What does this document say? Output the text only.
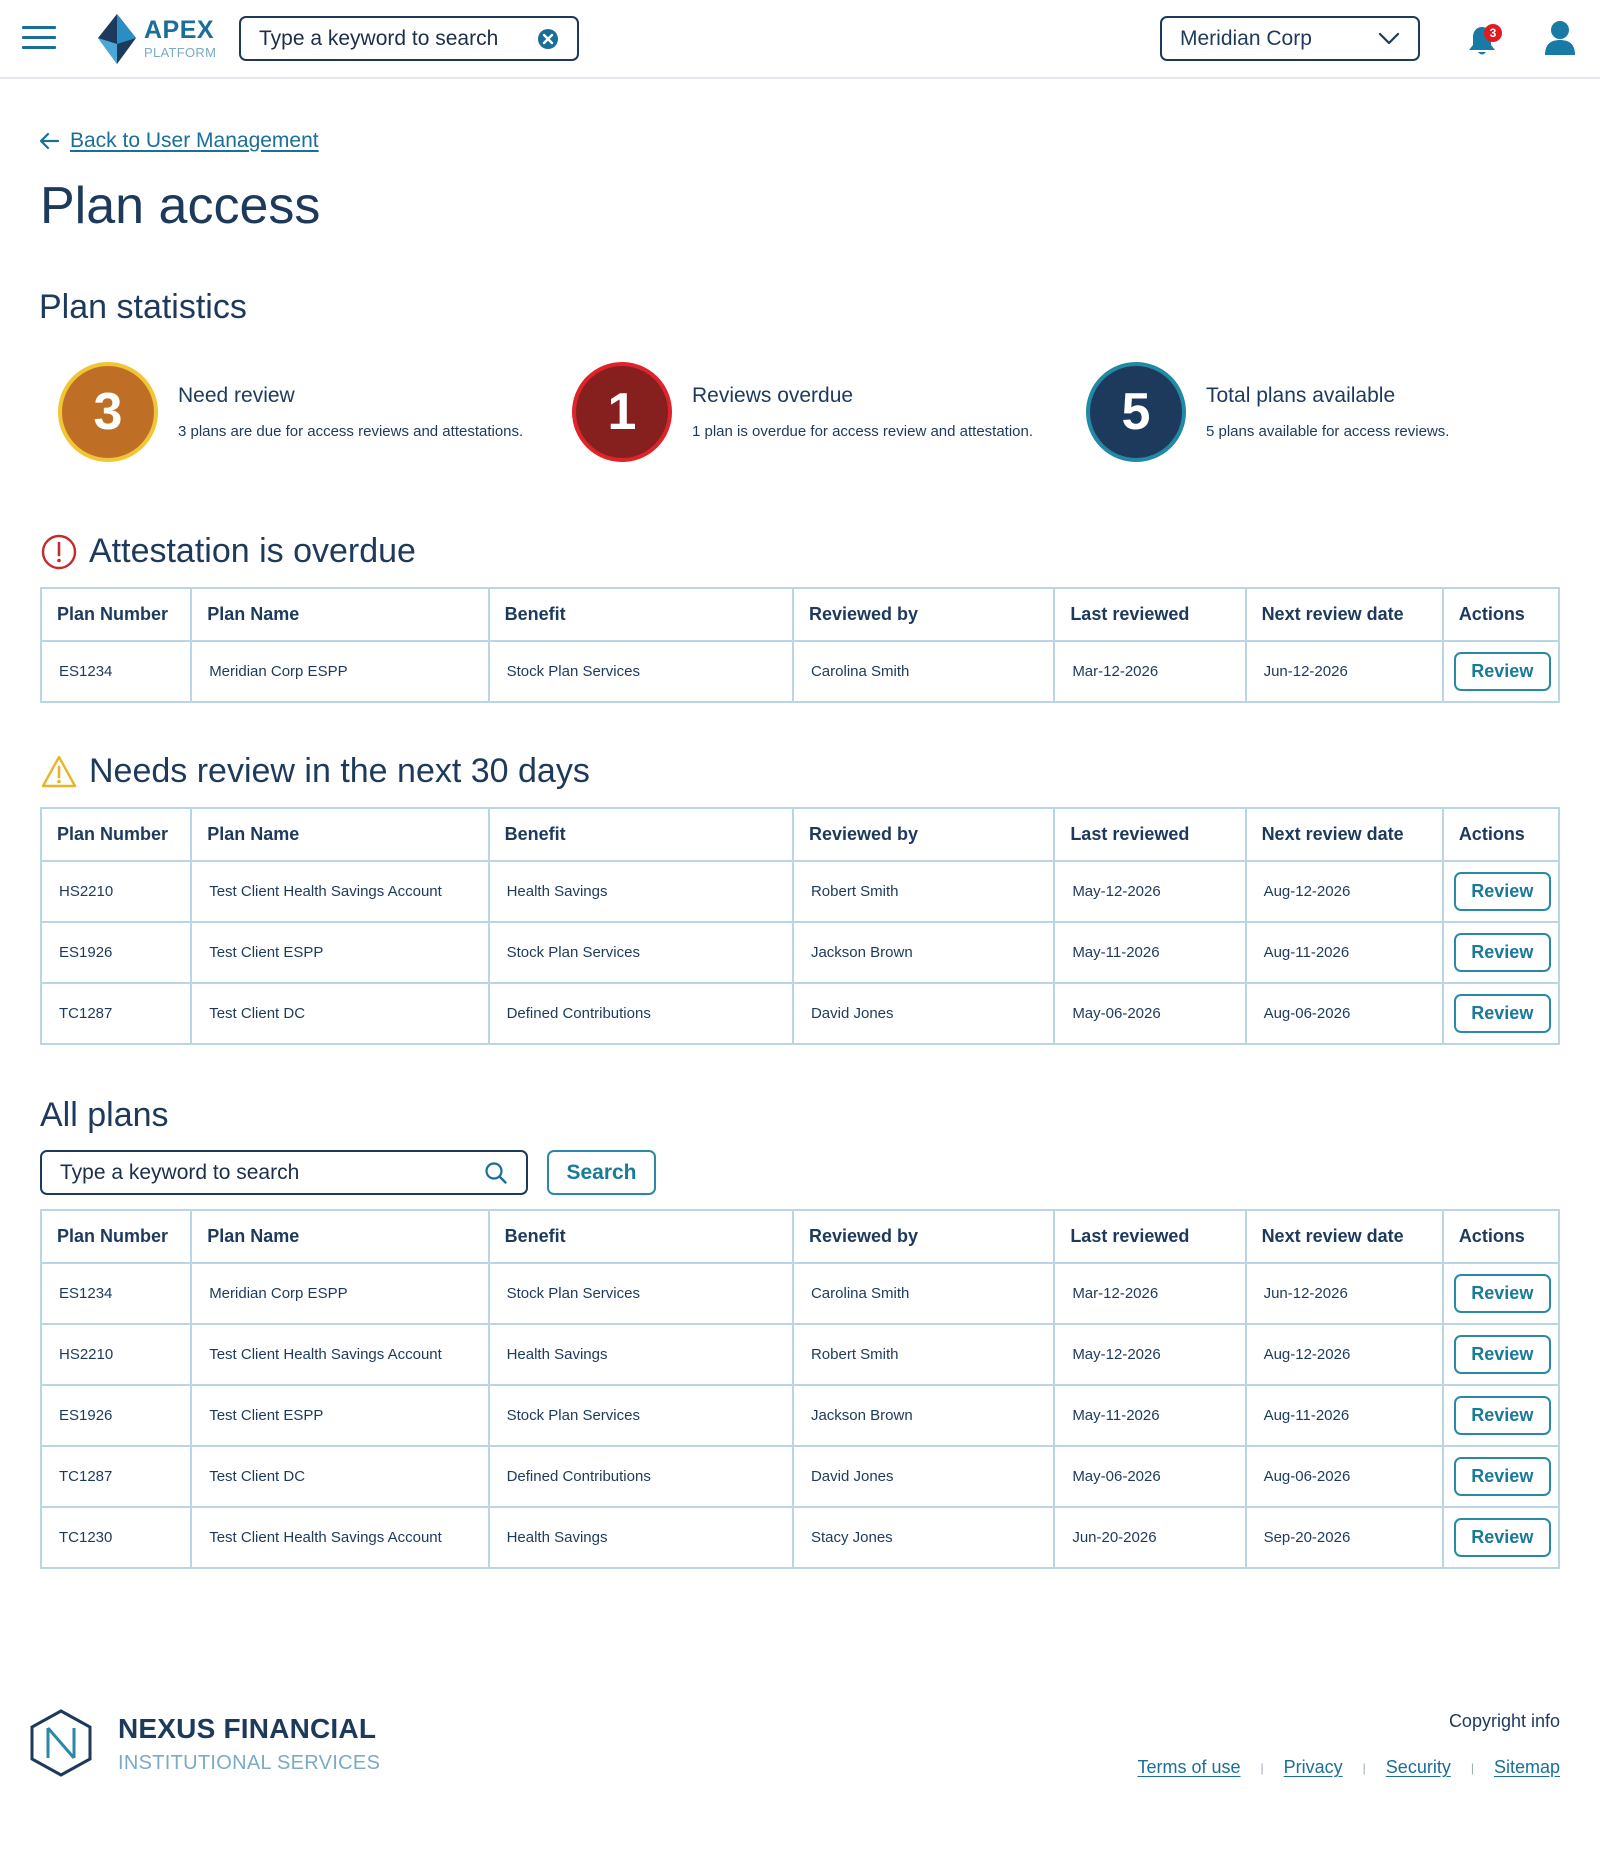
APEX
PLATFORM
Type a keyword to search
Meridian Corp	3
Back to User Management
Plan access
Plan statistics
3	Need review
3 plans are due for access reviews and attestations.	1	Reviews overdue
1 plan is overdue for access review and attestation.	5	Total plans available
5 plans available for access reviews.
Attestation is overdue
Plan Number	Plan Name	Benefit	Reviewed by	Last reviewed	Next review date	Actions
ES1234	Meridian Corp ESPP	Stock Plan Services	Carolina Smith	Mar-12-2026	Jun-12-2026	Review
Needs review in the next 30 days
Plan Number	Plan Name	Benefit	Reviewed by	Last reviewed	Next review date	Actions
HS2210	Test Client Health Savings Account	Health Savings	Robert Smith	May-12-2026	Aug-12-2026	Review
ES1926	Test Client ESPP	Stock Plan Services	Jackson Brown	May-11-2026	Aug-11-2026	Review
TC1287	Test Client DC	Defined Contributions	David Jones	May-06-2026	Aug-06-2026	Review
All plans
Type a keyword to search
Search
Plan Number	Plan Name	Benefit	Reviewed by	Last reviewed	Next review date	Actions
ES1234	Meridian Corp ESPP	Stock Plan Services	Carolina Smith	Mar-12-2026	Jun-12-2026	Review
HS2210	Test Client Health Savings Account	Health Savings	Robert Smith	May-12-2026	Aug-12-2026	Review
ES1926	Test Client ESPP	Stock Plan Services	Jackson Brown	May-11-2026	Aug-11-2026	Review
TC1287	Test Client DC	Defined Contributions	David Jones	May-06-2026	Aug-06-2026	Review
TC1230	Test Client Health Savings Account	Health Savings	Stacy Jones	Jun-20-2026	Sep-20-2026	Review
NEXUS FINANCIAL
INSTITUTIONAL SERVICES
Copyright info
Terms of use | Privacy | Security | Sitemap
